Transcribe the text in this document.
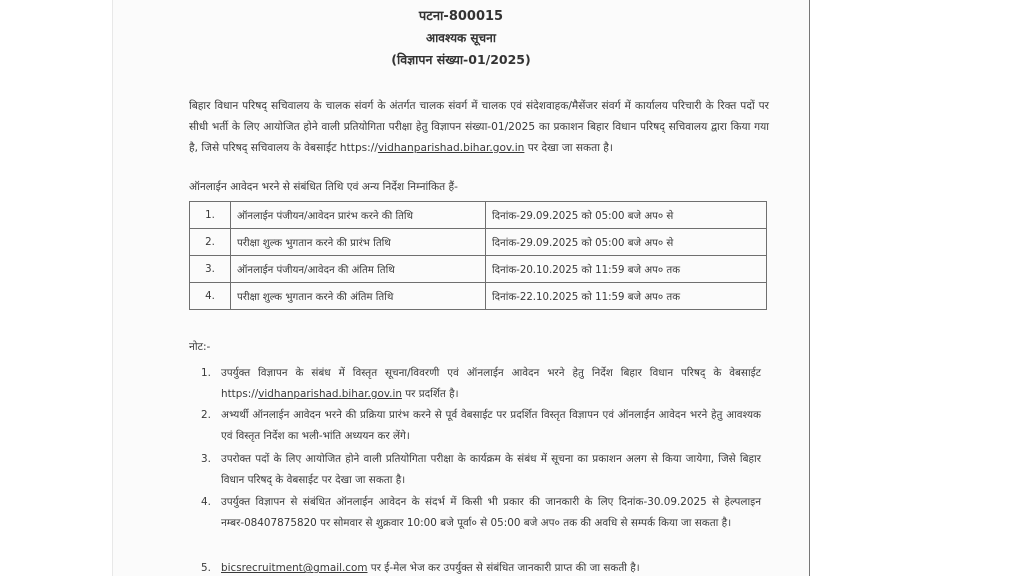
पटना-800015
आवश्यक सूचना
(विज्ञापन संख्या-01/2025)
बिहार विधान परिषद् सचिवालय के चालक संवर्ग के अंतर्गत चालक संवर्ग में चालक एवं संदेशवाहक/मैसेंजर संवर्ग में कार्यालय परिचारी के रिक्त पदों पर सीधी भर्ती के लिए आयोजित होने वाली प्रतियोगिता परीक्षा हेतु विज्ञापन संख्या-01/2025 का प्रकाशन बिहार विधान परिषद् सचिवालय द्वारा किया गया है, जिसे परिषद् सचिवालय के वेबसाईट https://vidhanparishad.bihar.gov.in पर देखा जा सकता है।
ऑनलाईन आवेदन भरने से संबंधित तिथि एवं अन्य निर्देश निम्नांकित हैं-
1.	ऑनलाईन पंजीयन/आवेदन प्रारंभ करने की तिथि	दिनांक-29.09.2025 को 05:00 बजे अप० से
2.	परीक्षा शुल्क भुगतान करने की प्रारंभ तिथि	दिनांक-29.09.2025 को 05:00 बजे अप० से
3.	ऑनलाईन पंजीयन/आवेदन की अंतिम तिथि	दिनांक-20.10.2025 को 11:59 बजे अप० तक
4.	परीक्षा शुल्क भुगतान करने की अंतिम तिथि	दिनांक-22.10.2025 को 11:59 बजे अप० तक
नोट:-
1. उपर्युक्त विज्ञापन के संबंध में विस्तृत सूचना/विवरणी एवं ऑनलाईन आवेदन भरने हेतु निर्देश बिहार विधान परिषद् के वेबसाईट https://vidhanparishad.bihar.gov.in पर प्रदर्शित है।
2. अभ्यर्थी ऑनलाईन आवेदन भरने की प्रक्रिया प्रारंभ करने से पूर्व वेबसाईट पर प्रदर्शित विस्तृत विज्ञापन एवं ऑनलाईन आवेदन भरने हेतु आवश्यक एवं विस्तृत निर्देश का भली-भांति अध्ययन कर लेंगे।
3. उपरोक्त पदों के लिए आयोजित होने वाली प्रतियोगिता परीक्षा के कार्यक्रम के संबंध में सूचना का प्रकाशन अलग से किया जायेगा, जिसे बिहार विधान परिषद् के वेबसाईट पर देखा जा सकता है।
4. उपर्युक्त विज्ञापन से संबंधित ऑनलाईन आवेदन के संदर्भ में किसी भी प्रकार की जानकारी के लिए दिनांक-30.09.2025 से हेल्पलाइन नम्बर-08407875820 पर सोमवार से शुक्रवार 10:00 बजे पूर्वा० से 05:00 बजे अप० तक की अवधि से सम्पर्क किया जा सकता है।
5. bicsrecruitment@gmail.com पर ई-मेल भेज कर उपर्युक्त से संबंधित जानकारी प्राप्त की जा सकती है।
